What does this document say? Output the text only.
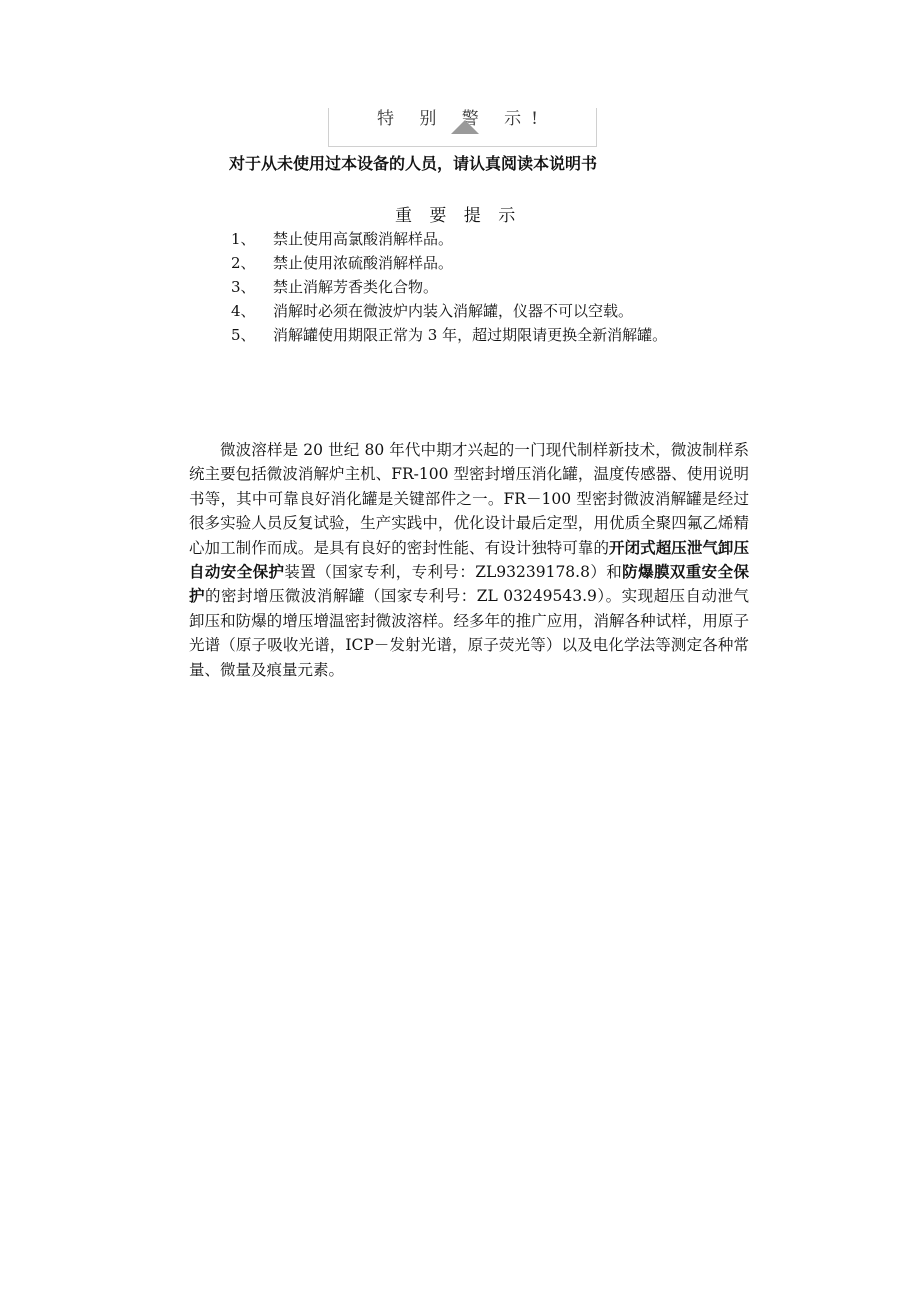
特 别 警 示!
对于从未使用过本设备的人员，请认真阅读本说明书
重 要 提 示
1、 禁止使用高氯酸消解样品。
2、 禁止使用浓硫酸消解样品。
3、 禁止消解芳香类化合物。
4、 消解时必须在微波炉内装入消解罐，仪器不可以空载。
5、 消解罐使用期限正常为 3 年，超过期限请更换全新消解罐。

微波溶样是 20 世纪 80 年代中期才兴起的一门现代制样新技术，微波制样系统主要包括微波消解炉主机、FR-100 型密封增压消化罐，温度传感器、使用说明书等，其中可靠良好消化罐是关键部件之一。FR－100 型密封微波消解罐是经过很多实验人员反复试验，生产实践中，优化设计最后定型，用优质全聚四氟乙烯精心加工制作而成。是具有良好的密封性能、有设计独特可靠的开闭式超压泄气卸压自动安全保护装置（国家专利，专利号：ZL93239178.8）和防爆膜双重安全保护的密封增压微波消解罐（国家专利号：ZL 03249543.9）。实现超压自动泄气卸压和防爆的增压增温密封微波溶样。经多年的推广应用，消解各种试样，用原子光谱（原子吸收光谱，ICP－发射光谱，原子荧光等）以及电化学法等测定各种常量、微量及痕量元素。
